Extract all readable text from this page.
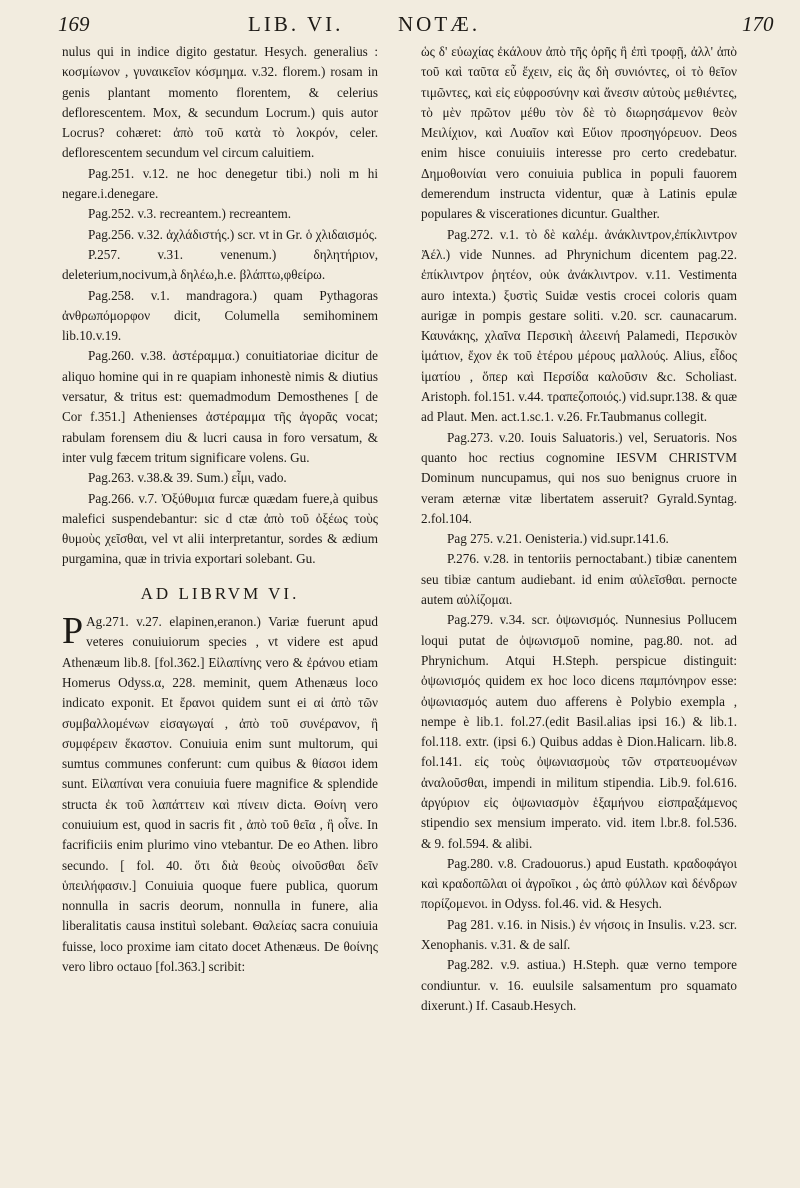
169	LIB. VI.	NOTÆ.	170

nulus qui in indice digito gestatur. Hesych. generalius : κοσμίωνον , γυναικεῖον κόσμημα. v.32. florem.) rosam in genis plantant momento florentem, & celerius deflorescentem. Mox, & secundum Locrum.) quis autor Locrus? cohæret: ἀπὸ τοῦ κατὰ τὸ λοκρόν, celer. deflorescentem secundum vel circum caluitiem.

Pag.251. v.12. ne hoc denegetur tibi.) noli m hi negare.i.denegare.

Pag.252. v.3. recreantem.) recreantem.

Pag.256. v.32. ἀχλάδιστής.) scr. vt in Gr. ὁ χλιδαισμός.

P.257. v.31. venenum.) δηλητήριον, deleterium,nocivum,à δηλέω,h.e. βλάπτω,φθείρω.

Pag.258. v.1. mandragora.) quam Pythagoras ἀνθρωπόμορφον dicit, Columella semihominem lib.10.v.19.

Pag.260. v.38. ἀστέραμμα.) conuitiatoriae dicitur de aliquo homine qui in re quapiam inhonestè nimis & diutius versatur, & tritus est: quemadmodum Demosthenes [ de Cor f.351.] Athenienses ἀστέραμμα τῆς ἀγορᾶς vocat; rabulam forensem diu & lucri causa in foro versatum, & inter vulg fæcem tritum significare volens. Gu.

Pag.263. v.38.& 39. Sum.) εἶμι, vado.

Pag.266. v.7. Ὀξύθυμια furcæ quædam fuere,à quibus malefici suspendebantur: sic d ctæ ἀπὸ τοῦ ὀξέως τοὺς θυμοὺς χεῖσθαι, vel vt alii interpretantur, sordes & ædium purgamina, quæ in trivia exportari solebant. Gu.

AD LIBRVM VI.

P Ag.271. v.27. elapinen,eranon.) Variæ fuerunt apud veteres conuiuiorum species , vt videre est apud Athenæum lib.8. [fol.362.] Εἰλαπίνης vero & ἐράνου etiam Homerus Odyss.α, 228. meminit, quem Athenæus loco indicato exponit. Et ἔρανοι quidem sunt ei αἱ ἀπὸ τῶν συμβαλλομένων εἰσαγωγαί , ἀπὸ τοῦ συνέρανον, ἢ συμφέρειν ἕκαστον. Conuiuia enim sunt multorum, qui sumtus communes conferunt: cum quibus & θίασοι idem sunt. Εἰλαπίναι vera conuiuia fuere magnifice & splendide structa ἐκ τοῦ λαπάττειν καὶ πίνειν dicta. Θοίνη vero conuiuium est, quod in sacris fit , ἀπὸ τοῦ θεῖα , ἢ οἶνε. In facrificiis enim plurimo vino vtebantur. De eo Athen. libro secundo. [ fol. 40. ὅτι διὰ θεοὺς οἰνοῦσθαι δεῖν ὑπειλήφασιν.] Conuiuia quoque fuere publica, quorum nonnulla in sacris deorum, nonnulla in funere, alia liberalitatis causa instituì solebant. Θαλείας sacra conuiuia fuisse, loco proxime iam citato docet Athenæus. De θοίνης vero libro octauo [fol.363.] scribit:

ὡς δ' εὐωχίας ἐκάλουν ἀπὸ τῆς ὀρῆς ἢ ἐπὶ τροφῇ, ἀλλ' ἀπὸ τοῦ καὶ ταῦτα εὖ ἔχειν, εἰς ἃς δὴ συνιόντες, οἱ τὸ θεῖον τιμῶντες, καὶ εἰς εὐφροσύνην καὶ ἄνεσιν αὑτοὺς μεθιέντες, τὸ μὲν πρῶτον μέθυ τὸν δὲ τὸ διωρησάμενον θεὸν Μειλίχιον, καὶ Λυαῖον καὶ Εὔιον προσηγόρευον. Deos enim hisce conuiuiis interesse pro certo credebatur. Δημοθοινίαι vero conuiuia publica in populi fauorem demerendum instructa videntur, quæ à Latinis epulæ populares & viscerationes dicuntur. Gualther.

Pag.272. v.1. τὸ δὲ καλέμ. ἀνάκλιντρον,ἐπίκλιντρον Ἀέλ.) vide Nunnes. ad Phrynichum dicentem pag.22. ἐπίκλιντρον ῥητέον, οὐκ ἀνάκλιντρον. v.11. Vestimenta auro intexta.) ξυστὶς Suidæ vestis crocei coloris quam aurigæ in pompis gestare soliti. v.20. scr. caunacarum. Καυνάκης, χλαῖνα Περσικὴ ἀλεεινή Palamedi, Περσικὸν ἱμάτιον, ἔχον ἐκ τοῦ ἑτέρου μέρους μαλλούς. Alius, εἶδος ἱματίου , ὅπερ καὶ Περσίδα καλοῦσιν &c. Scholiast. Aristoph. fol.151. v.44. τραπεζοποιός.) vid.supr.138. & quæ ad Plaut. Men. act.1.sc.1. v.26. Fr.Taubmanus collegit.

Pag.273. v.20. Iouis Saluatoris.) vel, Seruatoris. Nos quanto hoc rectius cognomine IESVM CHRISTVM Dominum nuncupamus, qui nos suo benignus cruore in veram æternæ vitæ libertatem asseruit? Gyrald.Syntag. 2.fol.104.

Pag 275. v.21. Oenisteria.) vid.supr.141.6.

P.276. v.28. in tentoriis pernoctabant.) tibiæ canentem seu tibiæ cantum audiebant. id enim αὐλεῖσθαι. pernocte autem αὐλίζομαι.

Pag.279. v.34. scr. ὀψωνισμός. Nunnesius Pollucem loqui putat de ὀψωνισμοῦ nomine, pag.80. not. ad Phrynichum. Atqui H.Steph. perspicue distinguit: ὀψωνισμός quidem ex hoc loco dicens παμπόνηρον esse: ὀψωνιασμός autem duo afferens è Polybio exempla , nempe è lib.1. fol.27.(edit Basil.alias ipsi 16.) & lib.1. fol.118. extr. (ipsi 6.) Quibus addas è Dion.Halicarn. lib.8. fol.141. εἰς τοὺς ὀψωνιασμοὺς τῶν στρατευομένων ἀναλοῦσθαι, impendi in militum stipendia. Lib.9. fol.616. ἀργύριον εἰς ὀψωνιασμὸν ἑξαμήνου εἰσπραξάμενος stipendio sex mensium imperato. vid. item l.br.8. fol.536. & 9. fol.594. & alibi.

Pag.280. v.8. Cradouorus.) apud Eustath. κραδοφάγοι καὶ κραδοπῶλαι οἱ ἀγροῖκοι , ὡς ἀπὸ φύλλων καὶ δένδρων πορίζομενοι. in Odyss. fol.46. vid. & Hesych.

Pag 281. v.16. in Nisis.) ἐν νήσοις in Insulis. v.23. scr. Xenophanis. v.31. & de salſ.

Pag.282. v.9. astiua.) H.Steph. quæ verno tempore condiuntur. v. 16. euulsile salsamentum pro squamato dixerunt.) If. Casaub.Hesych.
